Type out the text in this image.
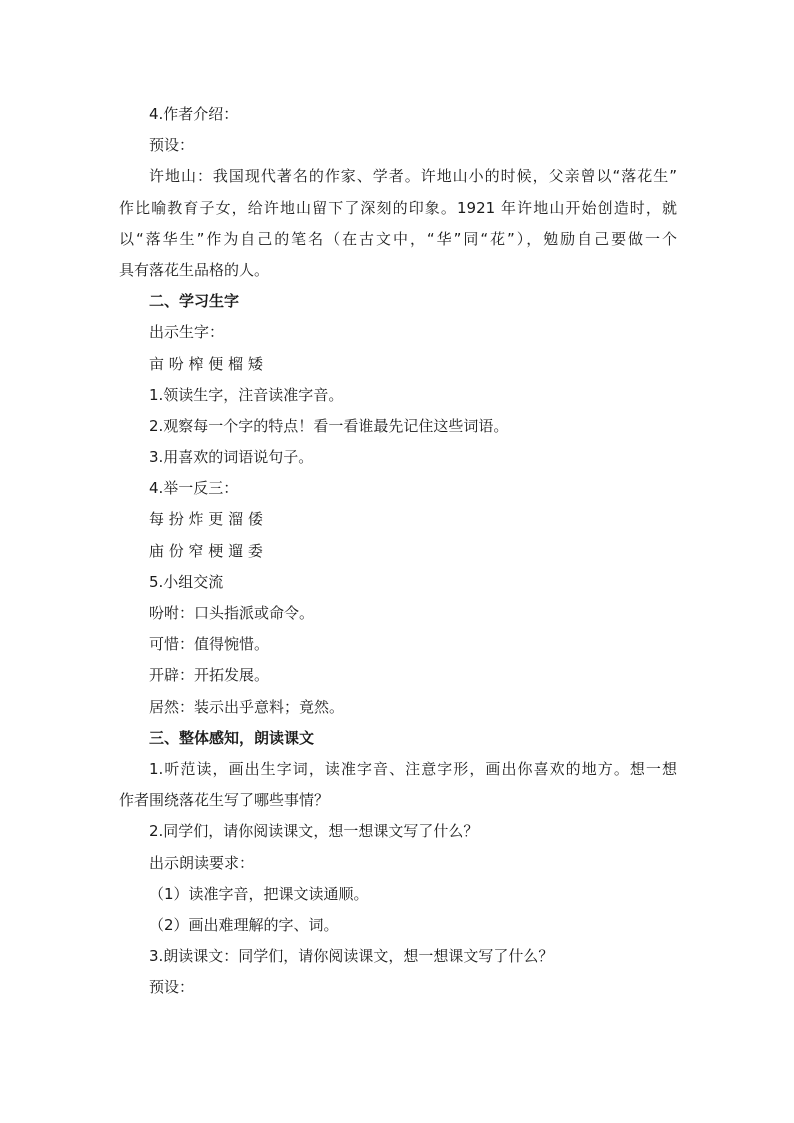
4.作者介绍：
预设：
许地山：我国现代著名的作家、学者。许地山小的时候，父亲曾以“落花生”
作比喻教育子女，给许地山留下了深刻的印象。1921 年许地山开始创造时，就
以“落华生”作为自己的笔名（在古文中，“华”同“花”），勉励自己要做一个
具有落花生品格的人。
二、学习生字
出示生字：
亩 吩 榨 便 榴 矮
1.领读生字，注音读准字音。
2.观察每一个字的特点！看一看谁最先记住这些词语。
3.用喜欢的词语说句子。
4.举一反三：
每 扮 炸 更 溜 倭
庙 份 窄 梗 遛 委
5.小组交流
吩咐：口头指派或命令。
可惜：值得惋惜。
开辟：开拓发展。
居然：装示出乎意料；竟然。
三、整体感知，朗读课文
1.听范读，画出生字词，读准字音、注意字形，画出你喜欢的地方。想一想
作者围绕落花生写了哪些事情？
2.同学们，请你阅读课文，想一想课文写了什么？
出示朗读要求：
（1）读准字音，把课文读通顺。
（2）画出难理解的字、词。
3.朗读课文：同学们，请你阅读课文，想一想课文写了什么？
预设：
